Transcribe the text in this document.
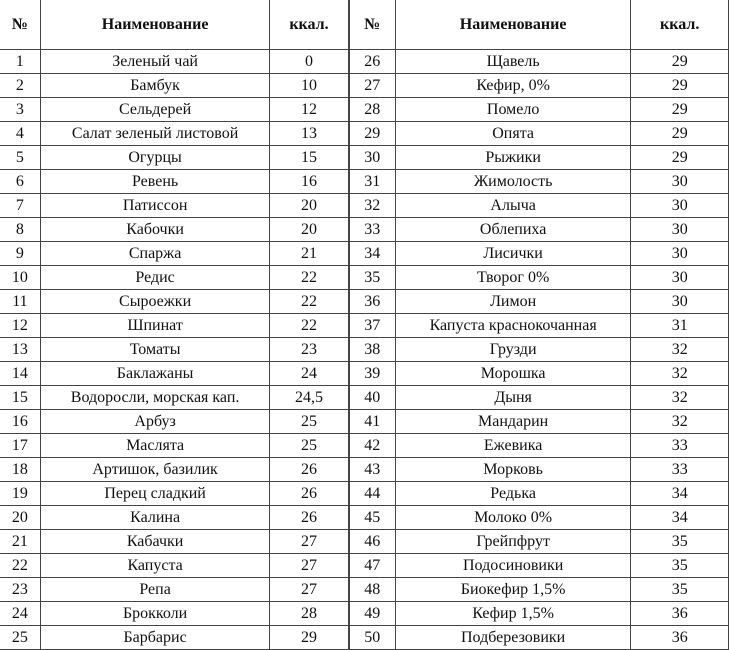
№	Наименование	ккал.	№	Наименование	ккал.
1	Зеленый чай	0	26	Щавель	29
2	Бамбук	10	27	Кефир, 0%	29
3	Сельдерей	12	28	Помело	29
4	Салат зеленый листовой	13	29	Опята	29
5	Огурцы	15	30	Рыжики	29
6	Ревень	16	31	Жимолость	30
7	Патиссон	20	32	Алыча	30
8	Кабочки	20	33	Облепиха	30
9	Спаржа	21	34	Лисички	30
10	Редис	22	35	Творог 0%	30
11	Сыроежки	22	36	Лимон	30
12	Шпинат	22	37	Капуста краснокочанная	31
13	Томаты	23	38	Грузди	32
14	Баклажаны	24	39	Морошка	32
15	Водоросли, морская кап.	24,5	40	Дыня	32
16	Арбуз	25	41	Мандарин	32
17	Маслята	25	42	Ежевика	33
18	Артишок, базилик	26	43	Морковь	33
19	Перец сладкий	26	44	Редька	34
20	Калина	26	45	Молоко 0%	34
21	Кабачки	27	46	Грейпфрут	35
22	Капуста	27	47	Подосиновики	35
23	Репа	27	48	Биокефир 1,5%	35
24	Брокколи	28	49	Кефир 1,5%	36
25	Барбарис	29	50	Подберезовики	36
